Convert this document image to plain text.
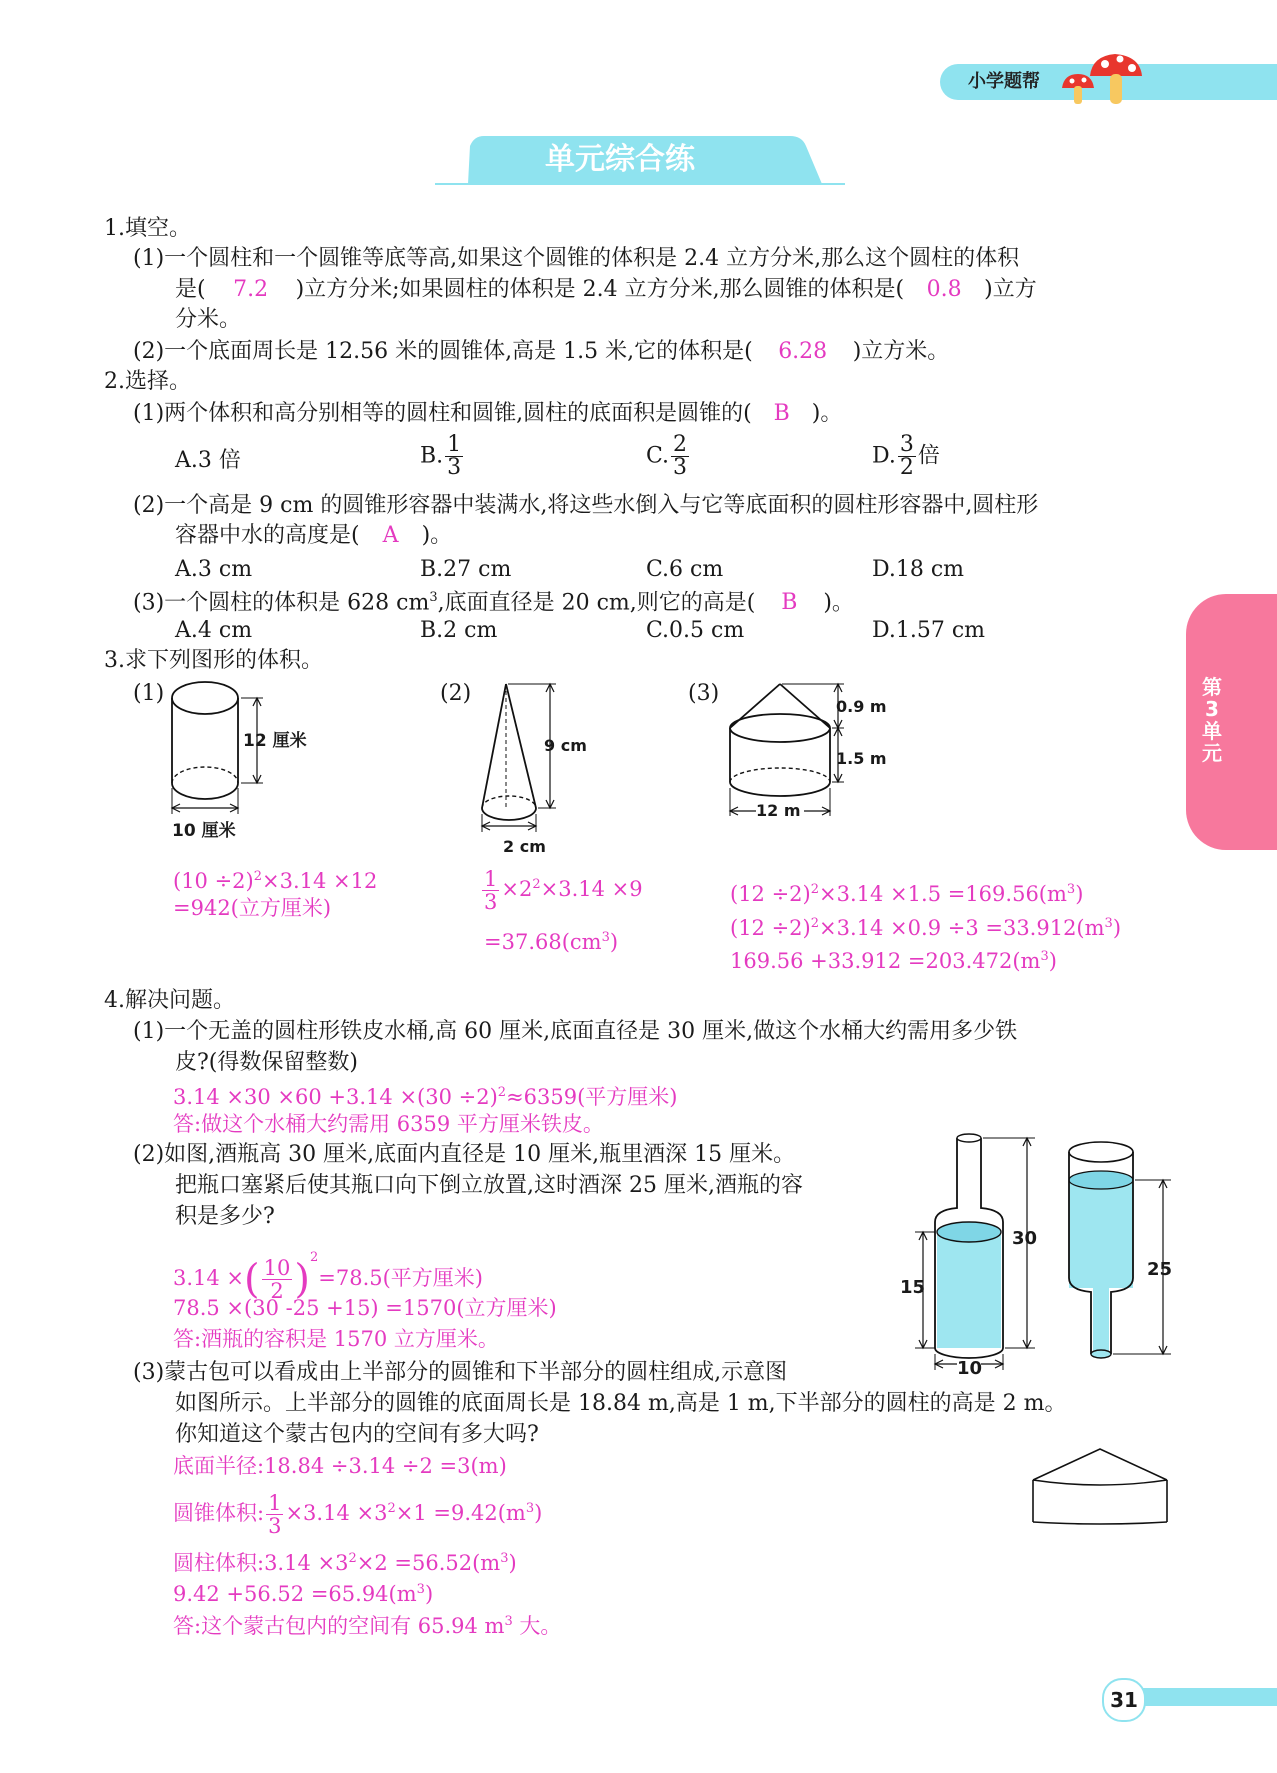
小学题帮
单元综合练
第
3
单
元
1.填空。
(1)一个圆柱和一个圆锥等底等高,如果这个圆锥的体积是 2.4 立方分米,那么这个圆柱的体积
是( 7.2 )立方分米;如果圆柱的体积是 2.4 立方分米,那么圆锥的体积是( 0.8 )立方
分米。
(2)一个底面周长是 12.56 米的圆锥体,高是 1.5 米,它的体积是( 6.28 )立方米。
2.选择。
(1)两个体积和高分别相等的圆柱和圆锥,圆柱的底面积是圆锥的( B )。
A.3 倍	B. $\frac{1}{3}$	C. $\frac{2}{3}$	D. $\frac{3}{2}$ 倍
(2)一个高是 9 cm 的圆锥形容器中装满水,将这些水倒入与它等底面积的圆柱形容器中,圆柱形
容器中水的高度是( A )。
A.3 cm	B.27 cm	C.6 cm	D.18 cm
(3)一个圆柱的体积是 628 $cm^3$,底面直径是 20 cm,则它的高是( B )。
A.4 cm	B.2 cm	C.0.5 cm	D.1.57 cm
3.求下列图形的体积。
(1)
12 厘米
10 厘米
(2)
9 cm
2 cm
(3)
0.9 m
1.5 m
12 m
$(10 \div 2)^2\times 3.14 \times 12$
=942(立方厘米)	$\frac{1}{3} \times 2^2\times 3.14 \times 9$
$=37.68(cm^3)$
$(12 \div 2)^2\times 3.14 \times 1.5 =169.56(m^3)$
$(12 \div 2)^2\times 3.14 \times 0.9 \div 3 =33.912(m^3)$
$169.56 +33.912 =203.472(m^3)$
4.解决问题。
(1)一个无盖的圆柱形铁皮水桶,高 60 厘米,底面直径是 30 厘米,做这个水桶大约需用多少铁
皮?(得数保留整数)
$3.14 \times 30 \times 60 +3.14 \times(30 \div 2)^2\approx 6359$(平方厘米)
答:做这个水桶大约需用 6359 平方厘米铁皮。
(2)如图,酒瓶高 30 厘米,底面内直径是 10 厘米,瓶里酒深 15 厘米。
把瓶口塞紧后使其瓶口向下倒立放置,这时酒深 25 厘米,酒瓶的容
积是多少?
3.14 ×( $\frac{10}{2} )^2=78.5$(平方厘米)
78.5 ×(30 -25 +15) =1570(立方厘米)
答:酒瓶的容积是 1570 立方厘米。
30
15
10
25
(3)蒙古包可以看成由上半部分的圆锥和下半部分的圆柱组成,示意图
如图所示。上半部分的圆锥的底面周长是 18.84 m,高是 1 m,下半部分的圆柱的高是 2 m。
你知道这个蒙古包内的空间有多大吗?
底面半径:18.84 ÷3.14 ÷2 =3(m)
圆锥体积: $\frac{1}{3} \times 3.14 \times 3^2\times 1 =9.42(m^3)$
圆柱体积:3.14 $\times 3^2\times 2 =56.52(m^3)$
$9.42 +56.52 =65.94(m^3)$
答:这个蒙古包内的空间有 65.94 $m^3$ 大。
31
